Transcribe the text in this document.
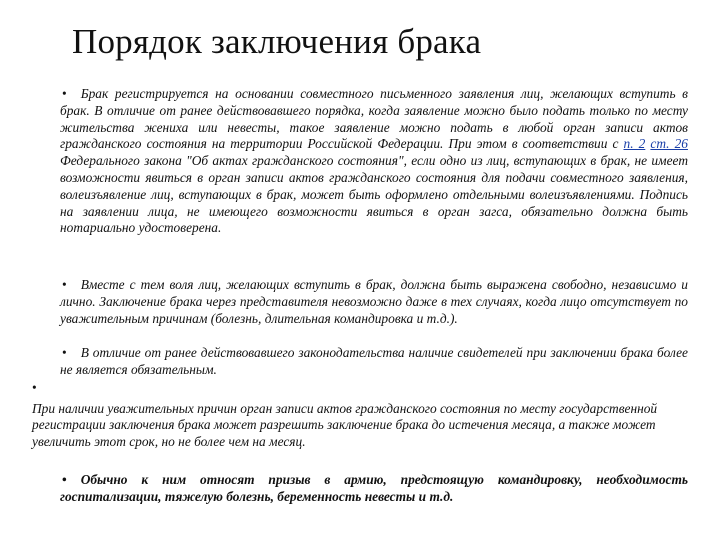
Порядок заключения брака
• Брак регистрируется на основании совместного письменного заявления лиц, желающих вступить в брак. В отличие от ранее действовавшего порядка, когда заявление можно было подать только по месту жительства жениха или невесты, такое заявление можно подать в любой орган записи актов гражданского состояния на территории Российской Федерации. При этом в соответствии с п. 2 ст. 26 Федерального закона "Об актах гражданского состояния", если одно из лиц, вступающих в брак, не имеет возможности явиться в орган записи актов гражданского состояния для подачи совместного заявления, волеизъявление лиц, вступающих в брак, может быть оформлено отдельными волеизъявлениями. Подпись на заявлении лица, не имеющего возможности явиться в орган загса, обязательно должна быть нотариально удостоверена.
• Вместе с тем воля лиц, желающих вступить в брак, должна быть выражена свободно, независимо и лично. Заключение брака через представителя невозможно даже в тех случаях, когда лицо отсутствует по уважительным причинам (болезнь, длительная командировка и т.д.).
• В отличие от ранее действовавшего законодательства наличие свидетелей при заключении брака более не является обязательным.
•
При наличии уважительных причин орган записи актов гражданского состояния по месту государственной регистрации заключения брака может разрешить заключение брака до истечения месяца, а также может увеличить этот срок, но не более чем на месяц.
• Обычно к ним относят призыв в армию, предстоящую командировку, необходимость госпитализации, тяжелую болезнь, беременность невесты и т.д.
